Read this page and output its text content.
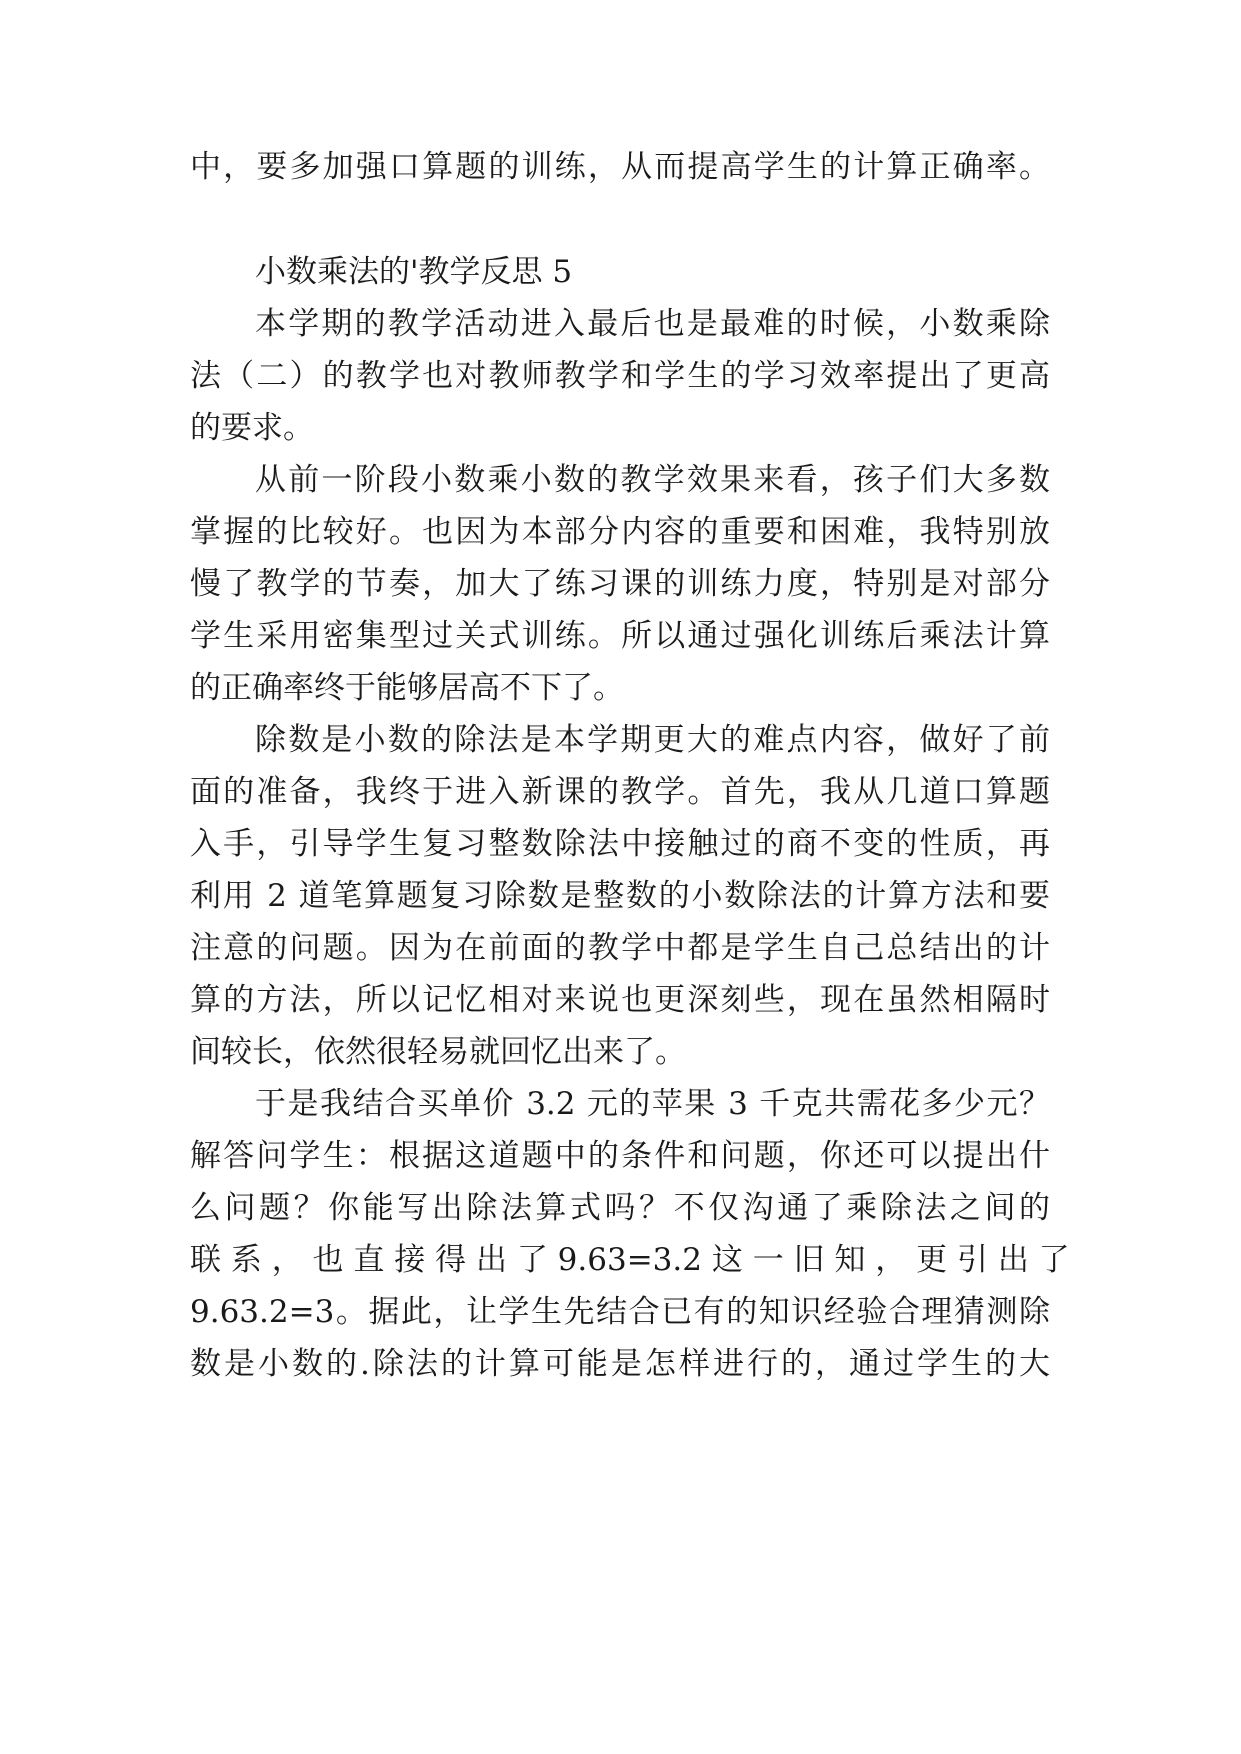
中，要多加强口算题的训练，从而提高学生的计算正确率。
小数乘法的'教学反思 5
本学期的教学活动进入最后也是最难的时候，小数乘除
法（二）的教学也对教师教学和学生的学习效率提出了更高
的要求。
从前一阶段小数乘小数的教学效果来看，孩子们大多数
掌握的比较好。也因为本部分内容的重要和困难，我特别放
慢了教学的节奏，加大了练习课的训练力度，特别是对部分
学生采用密集型过关式训练。所以通过强化训练后乘法计算
的正确率终于能够居高不下了。
除数是小数的除法是本学期更大的难点内容，做好了前
面的准备，我终于进入新课的教学。首先，我从几道口算题
入手，引导学生复习整数除法中接触过的商不变的性质，再
利用 2 道笔算题复习除数是整数的小数除法的计算方法和要
注意的问题。因为在前面的教学中都是学生自己总结出的计
算的方法，所以记忆相对来说也更深刻些，现在虽然相隔时
间较长，依然很轻易就回忆出来了。
于是我结合买单价 3.2 元的苹果 3 千克共需花多少元？
解答问学生：根据这道题中的条件和问题，你还可以提出什
么问题？你能写出除法算式吗？不仅沟通了乘除法之间的
联 系 ， 也 直 接 得 出 了 9.63=3.2 这 一 旧 知 ， 更 引 出 了
9.63.2=3。据此，让学生先结合已有的知识经验合理猜测除
数是小数的.除法的计算可能是怎样进行的，通过学生的大
